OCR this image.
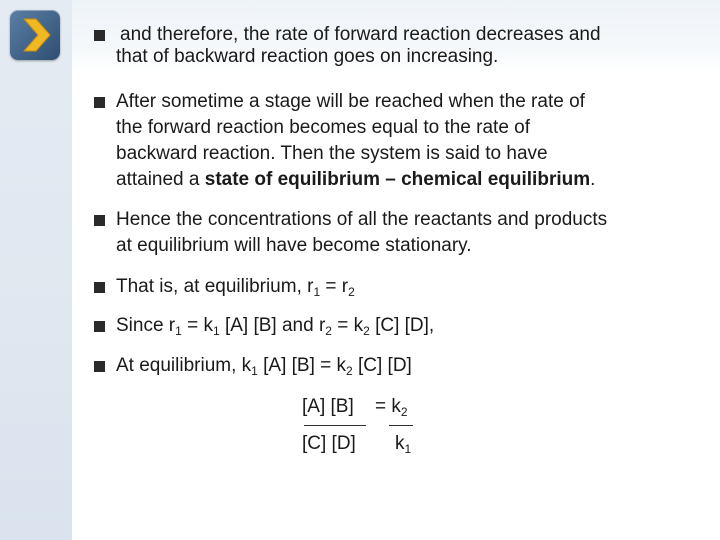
and therefore, the rate of forward reaction decreases and
that of backward reaction goes on increasing.
After sometime a stage will be reached when the rate of
the forward reaction becomes equal to the rate of
backward reaction. Then the system is said to have
attained a state of equilibrium – chemical equilibrium.
Hence the concentrations of all the reactants and products
at equilibrium will have become stationary.
That is, at equilibrium, $r_1 = r_2$
Since $r_1 = k_1$ [A] [B] and $r_2 = k_2$ [C] [D],
At equilibrium, $k_1$ [A] $[B] = k_2$ [C] [D]
[A] $[B] = k_2$
[C] [D] $k_1$
